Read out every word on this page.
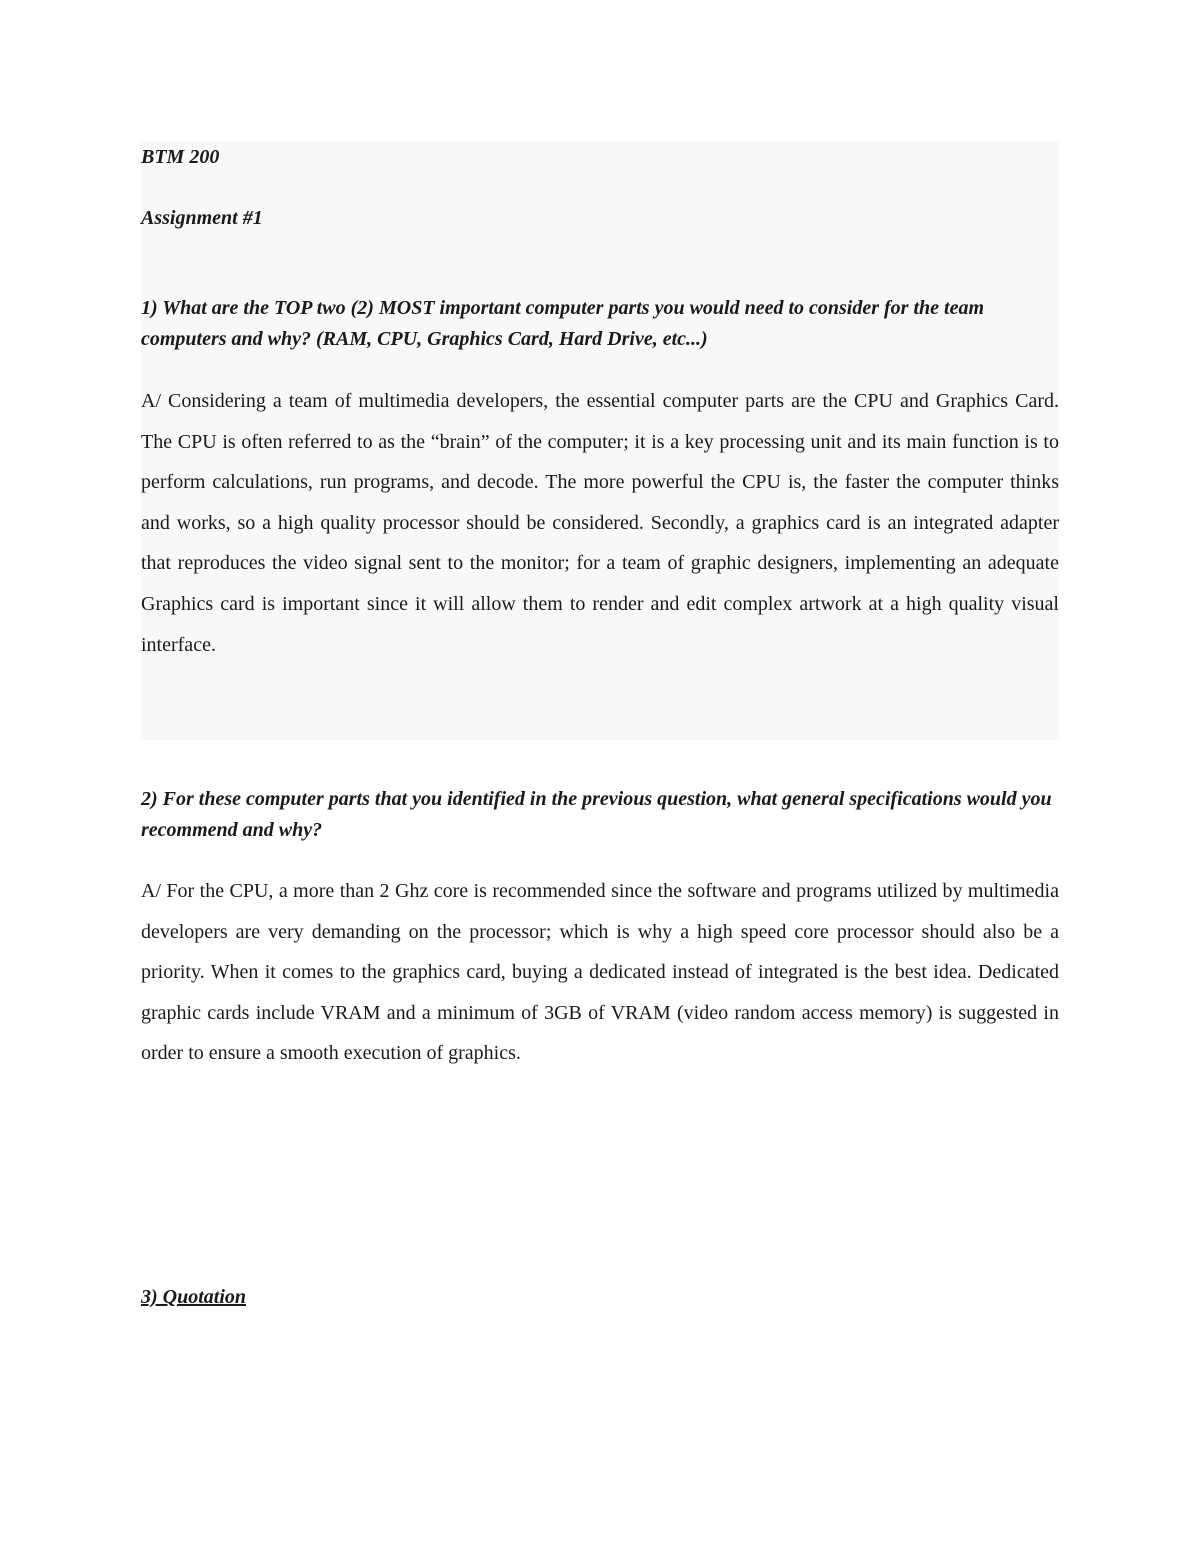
BTM 200

Assignment #1

1) What are the TOP two (2) MOST important computer parts you would need to consider for the team computers and why? (RAM, CPU, Graphics Card, Hard Drive, etc...)

A/ Considering a team of multimedia developers, the essential computer parts are the CPU and Graphics Card. The CPU is often referred to as the “brain” of the computer; it is a key processing unit and its main function is to perform calculations, run programs, and decode. The more powerful the CPU is, the faster the computer thinks and works, so a high quality processor should be considered. Secondly, a graphics card is an integrated adapter that reproduces the video signal sent to the monitor; for a team of graphic designers, implementing an adequate Graphics card is important since it will allow them to render and edit complex artwork at a high quality visual interface.

2) For these computer parts that you identified in the previous question, what general specifications would you recommend and why?

A/ For the CPU, a more than 2 Ghz core is recommended since the software and programs utilized by multimedia developers are very demanding on the processor; which is why a high speed core processor should also be a priority. When it comes to the graphics card, buying a dedicated instead of integrated is the best idea. Dedicated graphic cards include VRAM and a minimum of 3GB of VRAM (video random access memory) is suggested in order to ensure a smooth execution of graphics.

3) Quotation
